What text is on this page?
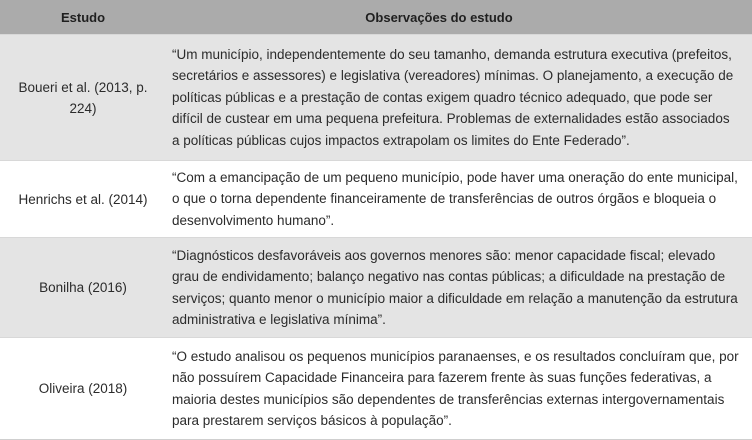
Estudo	Observações do estudo
Boueri et al. (2013, p. 224)
“Um município, independentemente do seu tamanho, demanda estrutura executiva (prefeitos, secretários e assessores) e legislativa (vereadores) mínimas. O planejamento, a execução de políticas públicas e a prestação de contas exigem quadro técnico adequado, que pode ser difícil de custear em uma pequena prefeitura. Problemas de externalidades estão associados a políticas públicas cujos impactos extrapolam os limites do Ente Federado”.
Henrichs et al. (2014)
“Com a emancipação de um pequeno município, pode haver uma oneração do ente municipal, o que o torna dependente financeiramente de transferências de outros órgãos e bloqueia o desenvolvimento humano”.
Bonilha (2016)
“Diagnósticos desfavoráveis aos governos menores são: menor capacidade fiscal; elevado grau de endividamento; balanço negativo nas contas públicas; a dificuldade na prestação de serviços; quanto menor o município maior a dificuldade em relação a manutenção da estrutura administrativa e legislativa mínima”.
Oliveira (2018)
“O estudo analisou os pequenos municípios paranaenses, e os resultados concluíram que, por não possuírem Capacidade Financeira para fazerem frente às suas funções federativas, a maioria destes municípios são dependentes de transferências externas intergovernamentais para prestarem serviços básicos à população”.
